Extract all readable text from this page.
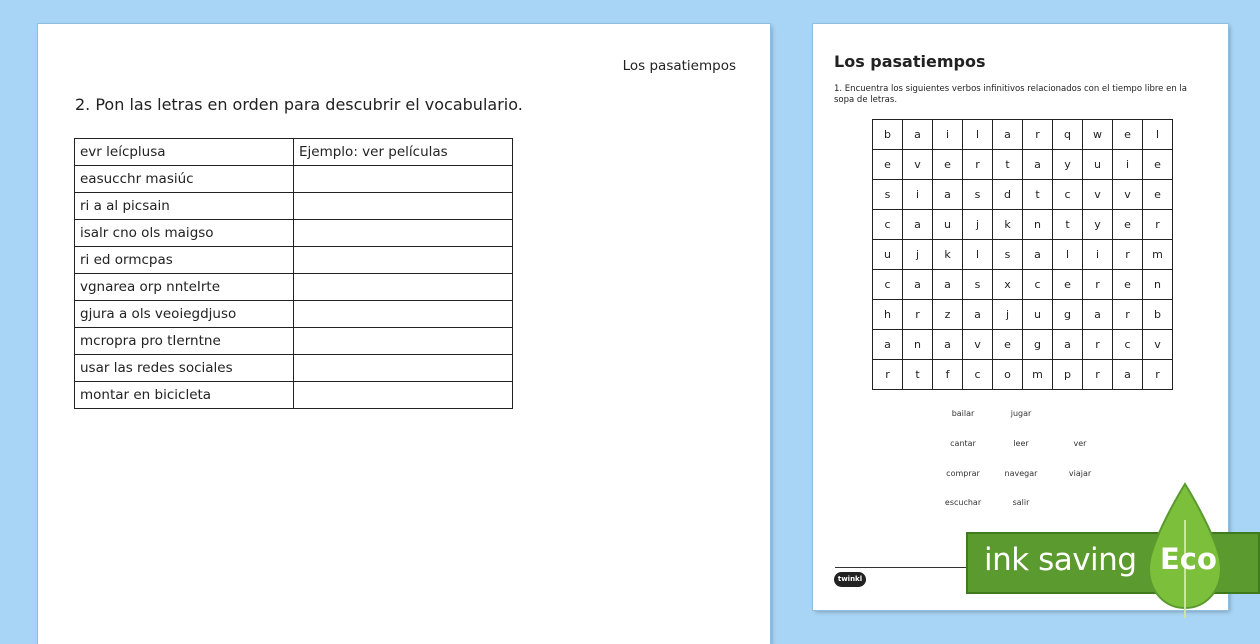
Los pasatiempos
2. Pon las letras en orden para descubrir el vocabulario.
evr leícplusa	Ejemplo: ver películas
easucchr masiúc	
ri a al picsain	
isalr cno ols maigso	
ri ed ormcpas	
vgnarea orp nnteIrte	
gjura a ols veoiegdjuso	
mcropra pro tIerntne	
usar las redes sociales	
montar en bicicleta	
Los pasatiempos
1. Encuentra los siguientes verbos infinitivos relacionados con el tiempo libre en la sopa de letras.
b	a	i	l	a	r	q	w	e	l
e	v	e	r	t	a	y	u	i	e
s	i	a	s	d	t	c	v	v	e
c	a	u	j	k	n	t	y	e	r
u	j	k	l	s	a	l	i	r	m
c	a	a	s	x	c	e	r	e	n
h	r	z	a	j	u	g	a	r	b
a	n	a	v	e	g	a	r	c	v
r	t	f	c	o	m	p	r	a	r
bailar	jugar
cantar	leer	ver
comprar	navegar	viajar
escuchar	salir
twinkl
ink saving Eco
